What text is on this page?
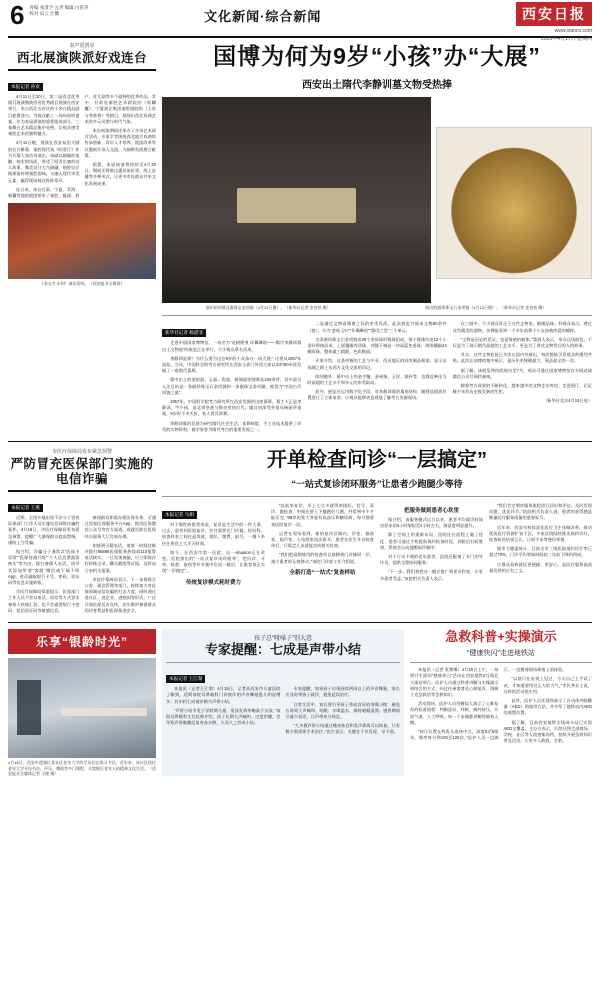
6	青编 张澄予 完世 编辑 白笛茅
校对 田云 仕蘭	文化新闻·综合新闻	西安日报
www.xiancn.com
2025年4月17日 星期四
秦声震渭原
西北展演陕派好戏连台
本报记者 孙欢

4月11日至20日，第二届西北优秀剧目展演暨陕西省优秀剧目展演在西安举行，来自西北五省区的十余台精品剧目轮番登台，为观众献上一场场视听盛宴。作为本届展演的重要组成部分，三秦舞台艺术精品集中亮相，让观众感受秦腔艺术的独特魅力。

4月11日晚，展演在西安易俗大剧院拉开帷幕，秦腔现代戏《昭君行》作为开幕大戏首场演出。该剧以细腻的笔触、恢宏的场面，讲述了昭君出塞的动人故事，舞美设计大气磅礴，唱腔设计既保留传统秦腔韵味，又融入现代审美元素，赢得现场观众阵阵掌声。

连日来，来自甘肃、宁夏、青海、新疆等地的院团带来了秦腔、陇剧、眉户、花儿剧等多个剧种的优秀作品。其中，甘肃省秦腔艺术剧院的《锁麟囊》、宁夏演艺集团秦腔剧院的《王贵与李香香》等剧目，展现出西北戏曲艺术的多元风貌与时代气象。

本次展演期间还举办了多场艺术研讨活动，专家学者围绕西北地方戏曲的传承创新、青年人才培养、院团改革等议题展开深入交流，为剧种发展建言献策。

据悉，本届展演将持续至4月20日，期间还将推出惠民低价票、线上直播等多种形式，让更多市民群众共享文化发展成果。

（金山寺·水利）演出现场。（西安报业全媒体）
国博为何为9岁“小孩”办“大展”
西安出土隋代李静训墓文物受热捧
展出的项链及嵌珠宝金项链（4月12日摄）。（新华社记者 金良快 摄）	展出的嵌珍珠宝石金项链（4月12日摄）。（新华社记者 金良快 摄）
新华社记者 杨湛菲

走进中国国家博物馆，一场名为“花树摇曳 环珮琳琅——隋代李静训墓出土文物展”的展览正在举行，不少观众慕名而来。

李静训是谁？为什么要为这位9岁的小女孩办一场大展？这要从1957年说起。当年，中国科学院考古研究所在西安玉祥门外西大街以南约50米处发掘了一座隋代墓葬。

墓中出土的金银器、玉器、瓷器、玻璃器等随葬品230余件，其中最引人注目的是一条嵌珍珠宝石金项链和一条嵌珠宝金项圈，被誉为“中国古代项链之最”。

1957年，中国科学院考古研究所在西安发掘的这座墓葬，墓主人正是李静训，字小孩，是北周皇族与隋皇室的后代。她自幼深受外祖母杨丽华宠爱，9岁时不幸夭折，家人将其厚葬。

李静训墓的发现为研究隋代社会生活、丧葬制度、手工业技术提供了珍贵的实物资料，被学界誉为隋代考古的重要发现之一。

二是通过文物看隋唐之际的审美风尚。此次展览共展出文物80余件（套），分为“金枝玉叶”“环珮琳琅”“器用之美”三个单元。

这条嵌珍珠宝石金项链由28个金质球形链珠组成，每个链珠均由12个小金环焊接而成，上面镶嵌有珍珠。项链下端是一块深蓝色垂珠，周围镶嵌24颗珍珠，整体做工精细，色彩绚丽。

专家介绍，这条项链的工艺与中亚、西亚地区的同类制品相似，显示出丝绸之路上东西方文化交流的印记。

除项链外，墓中出土的金手镯、金戒指、玉钗、银杯等，也都反映出当时高超的工艺水平和多元的审美取向。

此外，展览还运用数字化手段，对李静训墓的墓室结构、随葬品摆放位置进行了立体复原，让观众能够更直观地了解考古发掘现场。

在三展中，不少观众驻足于这些文物前，细细品味。有观众表示，透过这些精美的器物，仿佛能看到一千多年前那个小女孩被疼爱的模样。

“文物是历史的见证，也是情感的载体。”策展人表示，举办这场展览，不仅是为了展示隋代高超的工艺水平，更是为了讲述文物背后的人的故事。

其实，这些文物此前已多次在国内外展出，每次都能引发观众的强烈共鸣。此次在国博的集中展示，是历年来规模最大、展品最全的一次。

据了解，该展览将持续展出至7月，观众可通过国家博物馆官方网站或微信公众号预约参观。

随着考古成果的不断转化，越来越多的文物走出库房、走进展厅，让沉睡千年的历史焕发新的生机。

（新华社北京4月16日电）

市医疗保障局发布紧急预警
严防冒充医保部门实施的电信诈骗
本报记者 王燕

近期，全国多地出现不法分子冒充医保部门工作人员实施电信网络诈骗的案件。4月16日，市医疗保障局发布紧急预警，提醒广大参保群众提高警惕，谨防上当受骗。

据介绍，诈骗分子通常以“医保卡异常”“医保待遇升级”“个人信息泄露需核实”等为由，拨打参保人电话，诱导其添加所谓“客服”微信或下载不明App，进而骗取银行卡号、密码、验证码等信息实施转账。

市医疗保障局郑重提示：医保部门工作人员不会以电话、短信等方式要求参保人转账汇款，也不会索要银行卡密码、短信验证码等敏感信息。

参保群众如需办理医保业务，可通过国家医保服务平台App、陕西医保微信公众号等官方渠道，或就近前往医保经办服务大厅咨询办理。

如接到可疑电话，请第一时间挂断并拨打96886医保服务热线或110报警电话核实。一旦发现被骗，应立即保存好转账记录、聊天截图等证据，及时向公安机关报案。

市医疗保障局表示，下一步将联合公安、通信管理等部门，持续加大对医保领域电信诈骗的打击力度，同时通过进社区、进企业、进校园等形式，广泛开展医保反诈宣传，切实维护参保群众的切身利益和医保基金安全。

开单检查问诊“一层搞定”
“一站式复诊闭环服务”让患者少跑腿少等待
本报记者 马相

对于慢性病患者来说，复诊是生活中的一件大事。过去，患者到医院复诊，往往需要在门诊楼、检验科、检查科室之间往返奔波，排队、缴费、取号，一趟下来往往要花上大半天时间。

如今，在西安市第一医院，这一situation正在改变。医院推出的“一站式复诊闭环服务”，把问诊、开单、检查、取药等环节集中在同一楼层，让患者真正实现“一层搞定”。

传统复诊模式耗时费力

“以前来复诊，早上七点多就得来排队，挂号、看诊、做检查，中间还要上下楼跑好几趟，经常到中午才能弄完。”68岁的张大爷患有高血压和糖尿病，每月都要来医院复诊一次。

记者在现场看到，新的复诊区域内，诊室、抽血室、超声室、心电图室依次排开，患者在医生开具检查单后，只需走几步就能完成相关检查。

“我们把高频使用的检查项目前移到门诊楼同一层，减少患者的无效移动。”该院门诊部主任介绍说。

全新打造“一站式”复查样站
把服务做到患者心坎里

据介绍，该服务模式运行以来，患者平均就诊时间由原来的3小时缩短至1小时左右，满意度明显提升。

除了空间上的重新布局，医院还在流程上做了优化：患者可通过手机提前预约检查时段，到院后扫码签到，系统会自动提醒候诊顺序。

对于行动不便的老年患者，医院还配备了专门的导诊员，提供全程陪同服务。

“下一步，我们将把这一模式推广到更多科室，让更多患者受益。”该院相关负责人表示。

“我们会定期对服务流程进行回访和评估，及时发现问题、优化环节。”医院相关负责人说，患者的获得感是衡量医疗服务质量的重要标尺。

近年来，西安市持续深化医疗卫生体制改革，推动优质医疗资源扩容下沉，多家医院陆续推出预约诊疗、检查检验结果互认、日间手术等便民举措。

据市卫健委统计，目前全市三级医院预约诊疗率已超过70%，门诊平均等候时间较三年前下降约四成。

让群众看病就医更便捷、更舒心，是医疗服务高质量发展的应有之义。

乐享“银龄时光”
4月16日，西安市莲湖区某社区老年大学的学员们在练习书法。近年来，该社区依托老年大学开设书法、声乐、舞蹈等多门课程，丰富辖区老年人的精神文化生活。（西安报业全媒体记者 王健 摄）
孩子总“哑嗓子”别大意
专家提醒：七成是声带小结
本报记者 王江黎

本报讯（记者王江黎）4月15日，记者从西安市儿童医院了解到，近期该院耳鼻喉科门诊接诊的声音嘶哑患儿明显增多，其中约七成被诊断为声带小结。

“声带小结多见于学龄期儿童，男孩发病率略高于女孩。”该院耳鼻喉科主任医师介绍，孩子长期大声喊叫、过度用嗓，会导致声带黏膜反复充血水肿，久而久之形成小结。

专家提醒，如果孩子出现持续两周以上的声音嘶哑，家长应及时带孩子就诊，避免延误治疗。

日常生活中，家长要引导孩子养成良好的用嗓习惯：避免长时间大声喊叫、唱歌；多喝温水，保持咽喉湿润；感冒期间尽量少说话，让声带充分休息。

“大多数声带小结通过嗓音休息和发声训练可以恢复，只有极少数需要手术治疗。”医生表示，关键在于早发现、早干预。

急救科普+实操演示
“健康快闪”走进地铁站

本报讯（记者 张黎娜）4月16日上午，一场别开生面的“健康快闪”活动在西安地铁2号线北大街站举行。医护人员通过科普讲解与实操演示相结合的方式，向过往乘客普及心肺复苏、海姆立克急救法等急救知识。

活动现场，医护人员用模拟人演示了心肺复苏的标准流程：判断意识、呼救、胸外按压、开放气道、人工呼吸，每一个步骤都讲解得细致入微。

“按压位置在两乳头连线中点，深度5至6厘米，频率每分钟100至120次。”医护人员一边演示，一边邀请现场乘客上前体验。

“以前只在电视上见过，今天自己上手试了试，才知道要用这么大的力气。”市民李女士说，这样的活动很实用。

此外，医护人员还现场演示了自动体外除颤器（AED）的使用方法，并介绍了地铁站内AED的放置位置。

据了解，目前西安地铁全线网车站已实现AED全覆盖。主办方表示，后续还将走进商场、学校、社区等人流密集场所，持续开展急救知识普及活动，让更多人敢救、会救。
